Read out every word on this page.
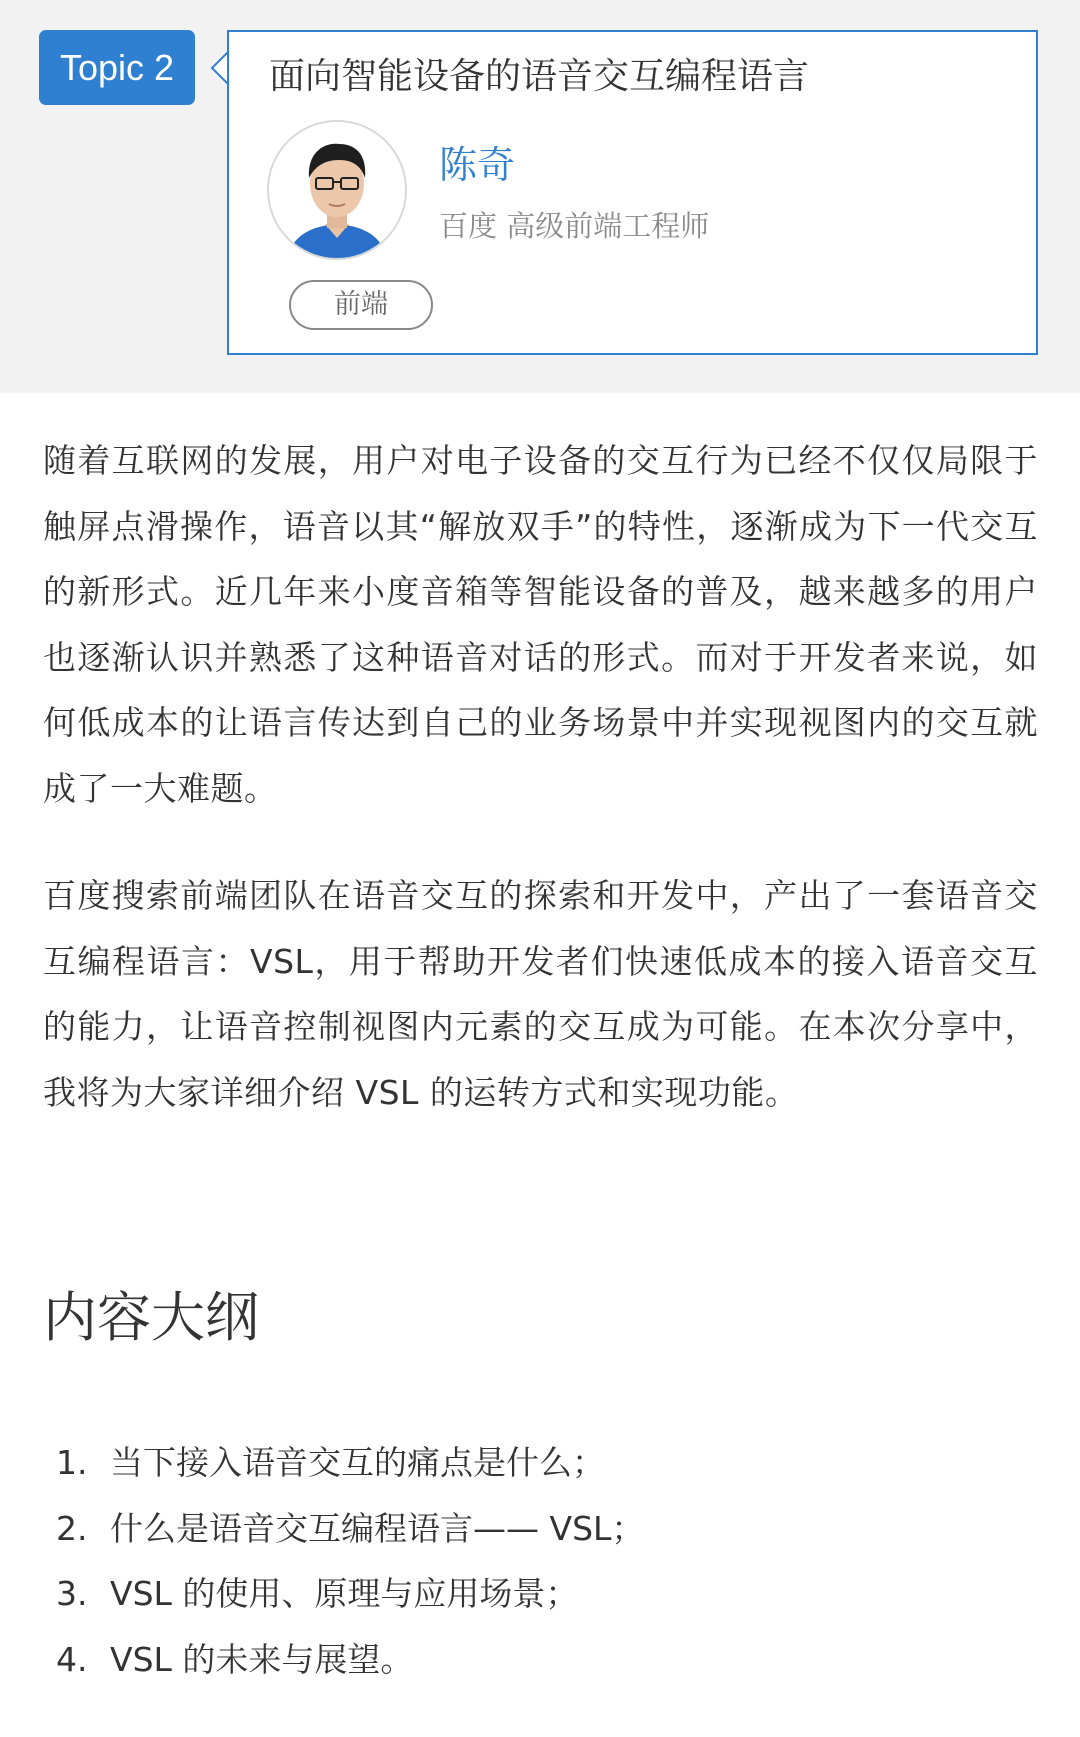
Topic 2	面向智能设备的语音交互编程语言
陈奇
百度 高级前端工程师
前端

随着互联网的发展，用户对电子设备的交互行为已经不仅仅局限于触屏点滑操作，语音以其“解放双手”的特性，逐渐成为下一代交互的新形式。近几年来小度音箱等智能设备的普及，越来越多的用户也逐渐认识并熟悉了这种语音对话的形式。而对于开发者来说，如何低成本的让语言传达到自己的业务场景中并实现视图内的交互就成了一大难题。

百度搜索前端团队在语音交互的探索和开发中，产出了一套语音交互编程语言：VSL，用于帮助开发者们快速低成本的接入语音交互的能力，让语音控制视图内元素的交互成为可能。在本次分享中，我将为大家详细介绍 VSL 的运转方式和实现功能。

内容大纲
1. 当下接入语音交互的痛点是什么；
2. 什么是语音交互编程语言—— VSL；
3. VSL 的使用、原理与应用场景；
4. VSL 的未来与展望。
